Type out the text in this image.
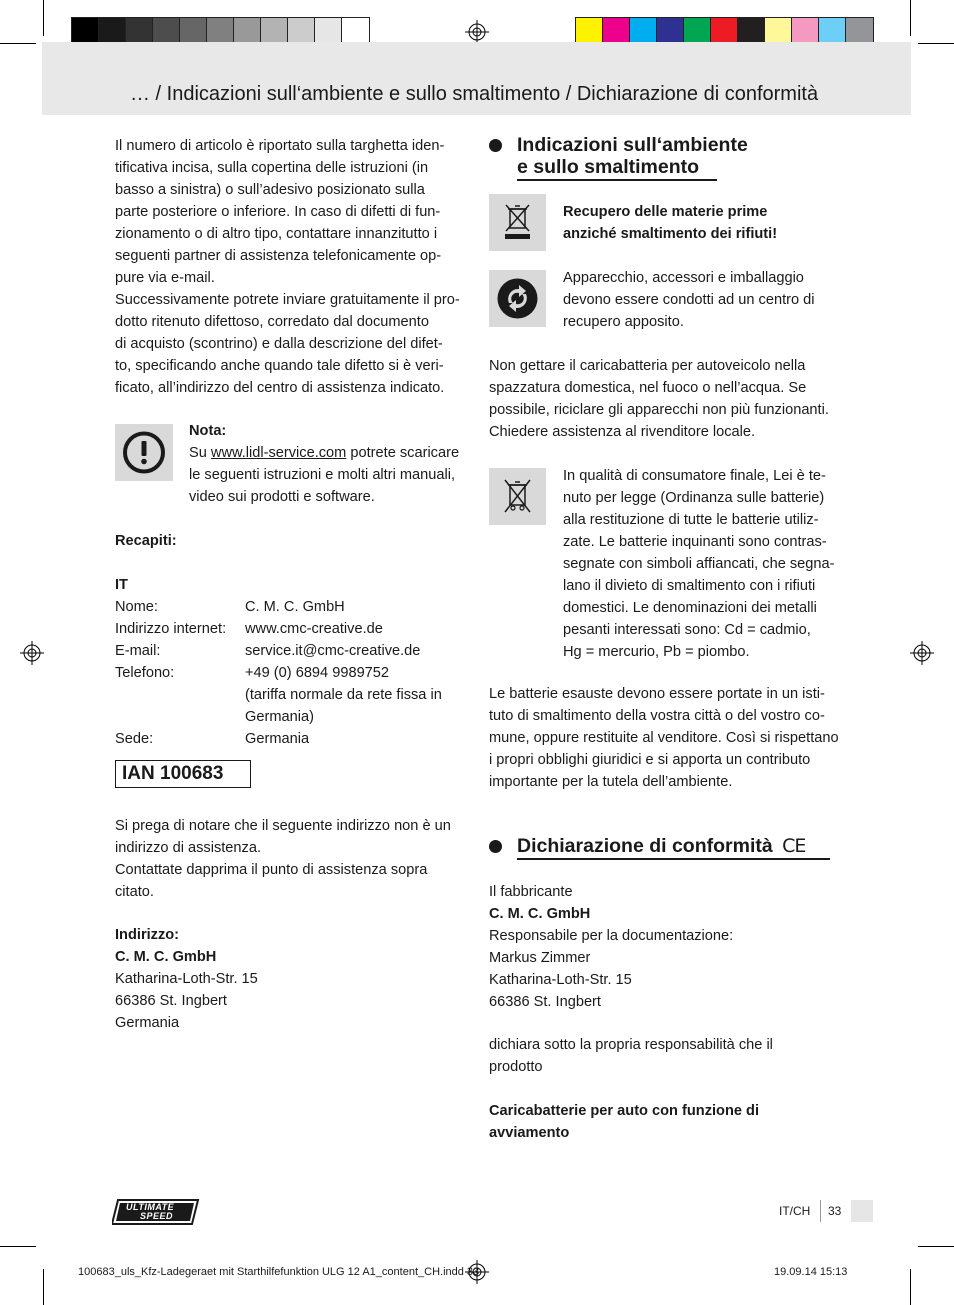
… / Indicazioni sull‘ambiente e sullo smaltimento / Dichiarazione di conformità
Il numero di articolo è riportato sulla targhetta iden-
tificativa incisa, sulla copertina delle istruzioni (in
basso a sinistra) o sull’adesivo posizionato sulla
parte posteriore o inferiore. In caso di difetti di fun-
zionamento o di altro tipo, contattare innanzitutto i
seguenti partner di assistenza telefonicamente op-
pure via e-mail.
Successivamente potrete inviare gratuitamente il pro-
dotto ritenuto difettoso, corredato dal documento
di acquisto (scontrino) e dalla descrizione del difet-
to, specificando anche quando tale difetto si è veri-
ficato, all’indirizzo del centro di assistenza indicato.
Nota:
Su www.lidl-service.com potrete scaricare
le seguenti istruzioni e molti altri manuali,
video sui prodotti e software.
Recapiti:
IT
Nome:	C. M. C. GmbH
Indirizzo internet: www.cmc-creative.de
E-mail:	service.it@cmc-creative.de
Telefono:	+49 (0) 6894 9989752
(tariffa normale da rete fissa in
Germania)
Sede:	Germania
IAN 100683
Si prega di notare che il seguente indirizzo non è un
indirizzo di assistenza.
Contattate dapprima il punto di assistenza sopra
citato.
Indirizzo:
C. M. C. GmbH
Katharina-Loth-Str. 15
66386 St. Ingbert
Germania
Indicazioni sull‘ambiente
e sullo smaltimento
Recupero delle materie prime
anziché smaltimento dei rifiuti!
Apparecchio, accessori e imballaggio
devono essere condotti ad un centro di
recupero apposito.
Non gettare il caricabatteria per autoveicolo nella
spazzatura domestica, nel fuoco o nell’acqua. Se
possibile, riciclare gli apparecchi non più funzionanti.
Chiedere assistenza al rivenditore locale.
In qualità di consumatore finale, Lei è te-
nuto per legge (Ordinanza sulle batterie)
alla restituzione di tutte le batterie utiliz-
zate. Le batterie inquinanti sono contras-
segnate con simboli affiancati, che segna-
lano il divieto di smaltimento con i rifiuti
domestici. Le denominazioni dei metalli
pesanti interessati sono: Cd = cadmio,
Hg = mercurio, Pb = piombo.
Le batterie esauste devono essere portate in un isti-
tuto di smaltimento della vostra città o del vostro co-
mune, oppure restituite al venditore. Così si rispettano
i propri obblighi giuridici e si apporta un contributo
importante per la tutela dell’ambiente.
Dichiarazione di conformità CE
Il fabbricante
C. M. C. GmbH
Responsabile per la documentazione:
Markus Zimmer
Katharina-Loth-Str. 15
66386 St. Ingbert
dichiara sotto la propria responsabilità che il
prodotto
Caricabatterie per auto con funzione di
avviamento
ULTIMATE
SPEED	IT/CH 33
100683_uls_Kfz-Ladegeraet mit Starthilfefunktion ULG 12 A1_content_CH.indd 33	19.09.14 15:13
